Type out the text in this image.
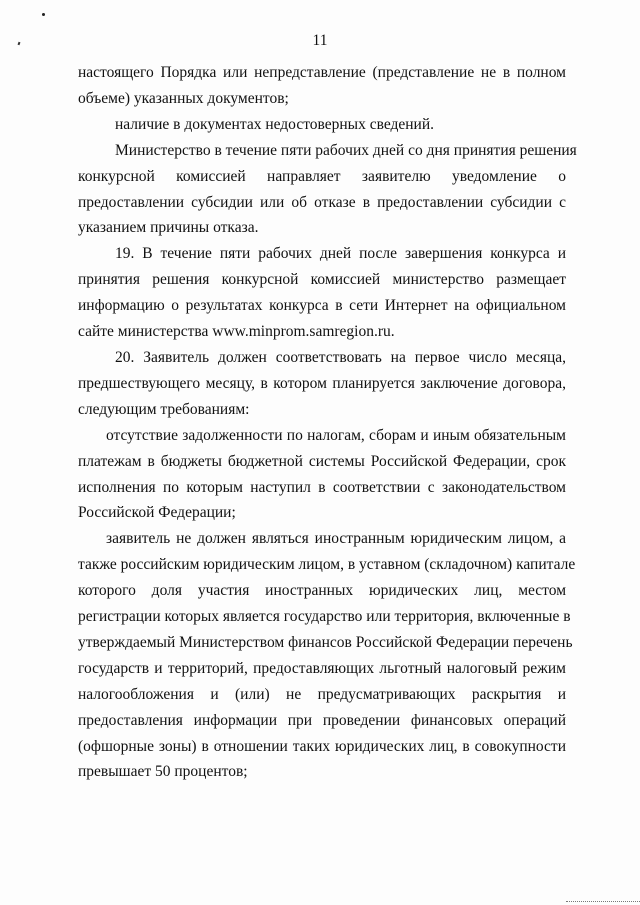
11
настоящего Порядка или непредставление (представление не в полном
объеме) указанных документов;
наличие в документах недостоверных сведений.
Министерство в течение пяти рабочих дней со дня принятия решения
конкурсной комиссией направляет заявителю уведомление о
предоставлении субсидии или об отказе в предоставлении субсидии с
указанием причины отказа.
19. В течение пяти рабочих дней после завершения конкурса и
принятия решения конкурсной комиссией министерство размещает
информацию о результатах конкурса в сети Интернет на официальном
сайте министерства www.minprom.samregion.ru.
20. Заявитель должен соответствовать на первое число месяца,
предшествующего месяцу, в котором планируется заключение договора,
следующим требованиям:
отсутствие задолженности по налогам, сборам и иным обязательным
платежам в бюджеты бюджетной системы Российской Федерации, срок
исполнения по которым наступил в соответствии с законодательством
Российской Федерации;
заявитель не должен являться иностранным юридическим лицом, а
также российским юридическим лицом, в уставном (складочном) капитале
которого доля участия иностранных юридических лиц, местом
регистрации которых является государство или территория, включенные в
утверждаемый Министерством финансов Российской Федерации перечень
государств и территорий, предоставляющих льготный налоговый режим
налогообложения и (или) не предусматривающих раскрытия и
предоставления информации при проведении финансовых операций
(офшорные зоны) в отношении таких юридических лиц, в совокупности
превышает 50 процентов;
